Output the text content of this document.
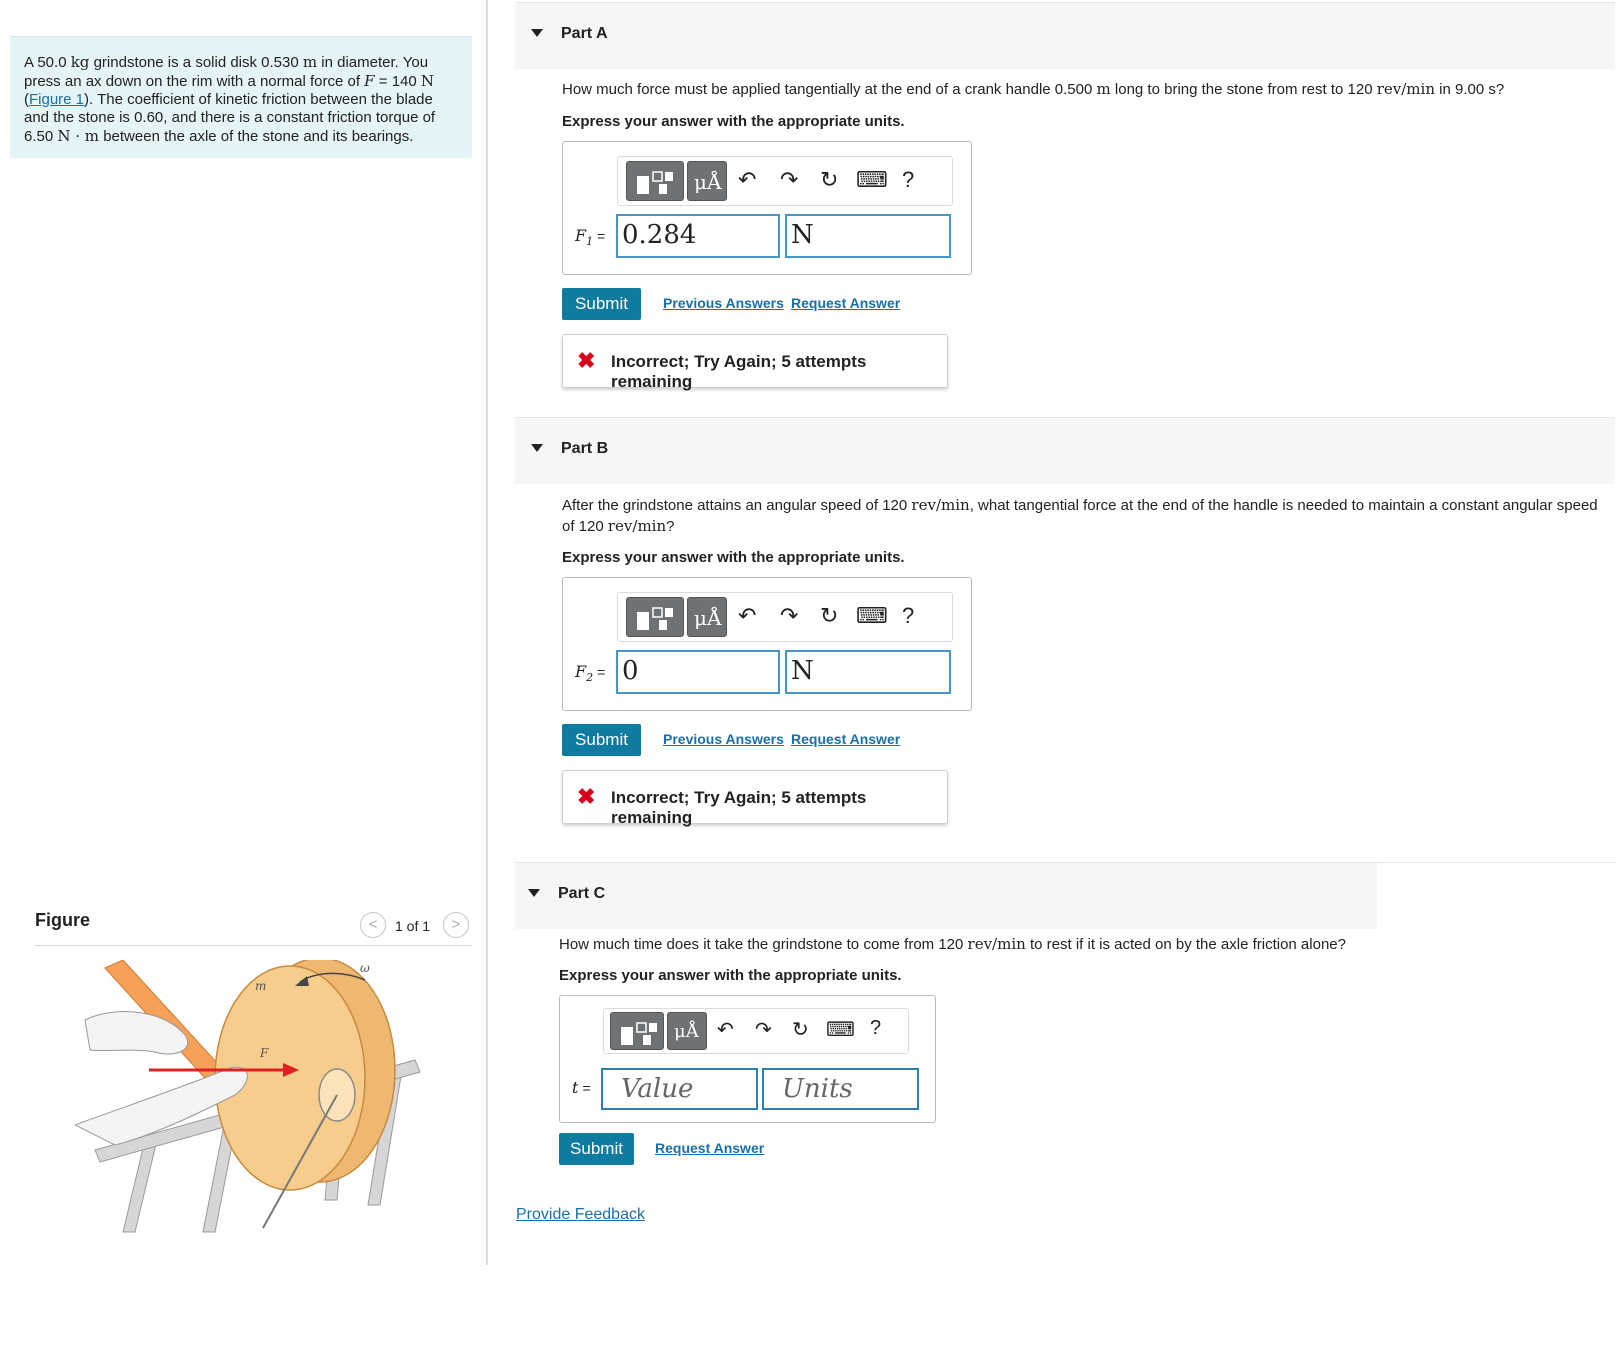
A 50.0 kg grindstone is a solid disk 0.530 m in diameter. You press an ax down on the rim with a normal force of F = 140 N (Figure 1). The coefficient of kinetic friction between the blade and the stone is 0.60, and there is a constant friction torque of 6.50 N · m between the axle of the stone and its bearings.

Figure	<	1 of 1	>
m
F
ω
Part A
How much force must be applied tangentially at the end of a crank handle 0.500 m long to bring the stone from rest to 120 rev/min in 9.00 s?
Express your answer with the appropriate units.
μÅ ↶ ↷ ↻ ⌨ ?
$F_1 = 0.284$	N
Submit	Previous Answers Request Answer
✖ Incorrect; Try Again; 5 attempts remaining
Part B
After the grindstone attains an angular speed of 120 rev/min, what tangential force at the end of the handle is needed to maintain a constant angular speed of 120 rev/min?
Express your answer with the appropriate units.
μÅ ↶ ↷ ↻ ⌨ ?
$F_2 = 0$	N
Submit	Previous Answers Request Answer
✖ Incorrect; Try Again; 5 attempts remaining
Part C
How much time does it take the grindstone to come from 120 rev/min to rest if it is acted on by the axle friction alone?
Express your answer with the appropriate units.
μÅ ↶ ↷ ↻ ⌨ ?
t =	Value	Units
Submit	Request Answer
Provide Feedback
